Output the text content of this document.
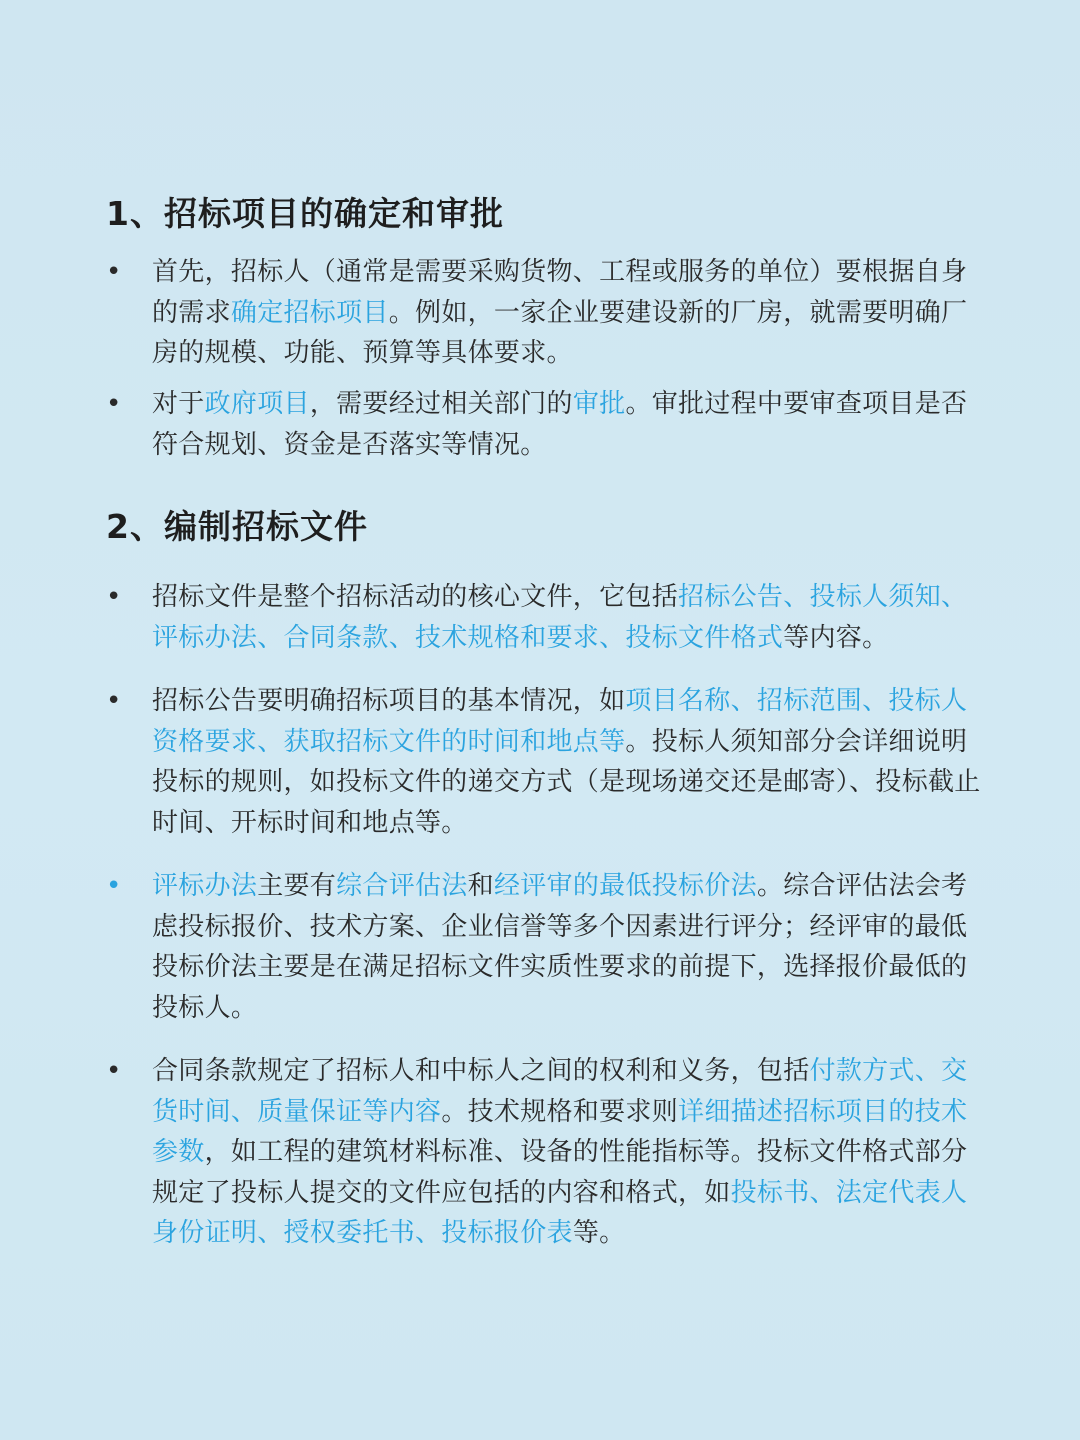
1、招标项目的确定和审批
• 首先，招标人（通常是需要采购货物、工程或服务的单位）要根据自身的需求确定招标项目。例如，一家企业要建设新的厂房，就需要明确厂房的规模、功能、预算等具体要求。
• 对于政府项目，需要经过相关部门的审批。审批过程中要审查项目是否符合规划、资金是否落实等情况。
2、编制招标文件
• 招标文件是整个招标活动的核心文件，它包括招标公告、投标人须知、评标办法、合同条款、技术规格和要求、投标文件格式等内容。
• 招标公告要明确招标项目的基本情况，如项目名称、招标范围、投标人资格要求、获取招标文件的时间和地点等。投标人须知部分会详细说明投标的规则，如投标文件的递交方式（是现场递交还是邮寄）、投标截止时间、开标时间和地点等。
• 评标办法主要有综合评估法和经评审的最低投标价法。综合评估法会考虑投标报价、技术方案、企业信誉等多个因素进行评分；经评审的最低投标价法主要是在满足招标文件实质性要求的前提下，选择报价最低的投标人。
• 合同条款规定了招标人和中标人之间的权利和义务，包括付款方式、交货时间、质量保证等内容。技术规格和要求则详细描述招标项目的技术参数，如工程的建筑材料标准、设备的性能指标等。投标文件格式部分规定了投标人提交的文件应包括的内容和格式，如投标书、法定代表人身份证明、授权委托书、投标报价表等。
